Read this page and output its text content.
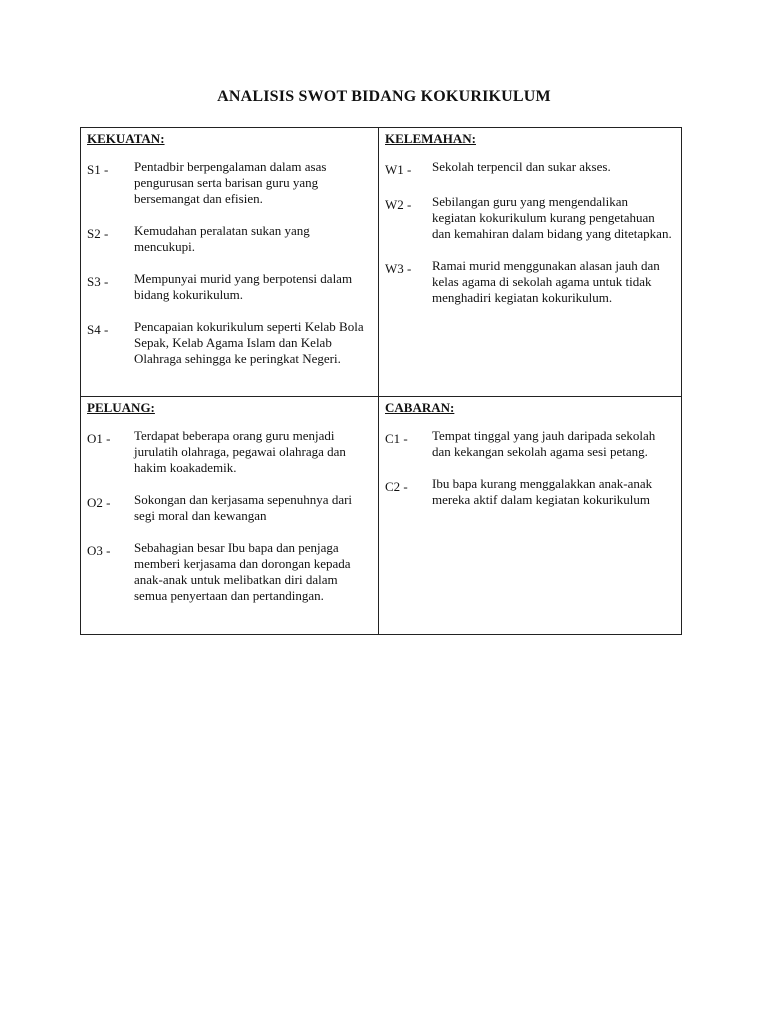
ANALISIS SWOT BIDANG KOKURIKULUM
KEKUATAN:
S1 -	Pentadbir berpengalaman dalam asas pengurusan serta barisan guru yang bersemangat dan efisien.
S2 -	Kemudahan peralatan sukan yang mencukupi.
S3 -	Mempunyai murid yang berpotensi dalam bidang kokurikulum.
S4 -	Pencapaian kokurikulum seperti Kelab Bola Sepak, Kelab Agama Islam dan Kelab Olahraga sehingga ke peringkat Negeri.
KELEMAHAN:
W1 -	Sekolah terpencil dan sukar akses.
W2 -	Sebilangan guru yang mengendalikan kegiatan kokurikulum kurang pengetahuan dan kemahiran dalam bidang yang ditetapkan.
W3 -	Ramai murid menggunakan alasan jauh dan kelas agama di sekolah agama untuk tidak menghadiri kegiatan kokurikulum.
PELUANG:
O1 -	Terdapat beberapa orang guru menjadi jurulatih olahraga, pegawai olahraga dan hakim koakademik.
O2 -	Sokongan dan kerjasama sepenuhnya dari segi moral dan kewangan
O3 -	Sebahagian besar Ibu bapa dan penjaga memberi kerjasama dan dorongan kepada anak-anak untuk melibatkan diri dalam semua penyertaan dan pertandingan.
CABARAN:
C1 -	Tempat tinggal yang jauh daripada sekolah dan kekangan sekolah agama sesi petang.
C2 -	Ibu bapa kurang menggalakkan anak-anak mereka aktif dalam kegiatan kokurikulum
